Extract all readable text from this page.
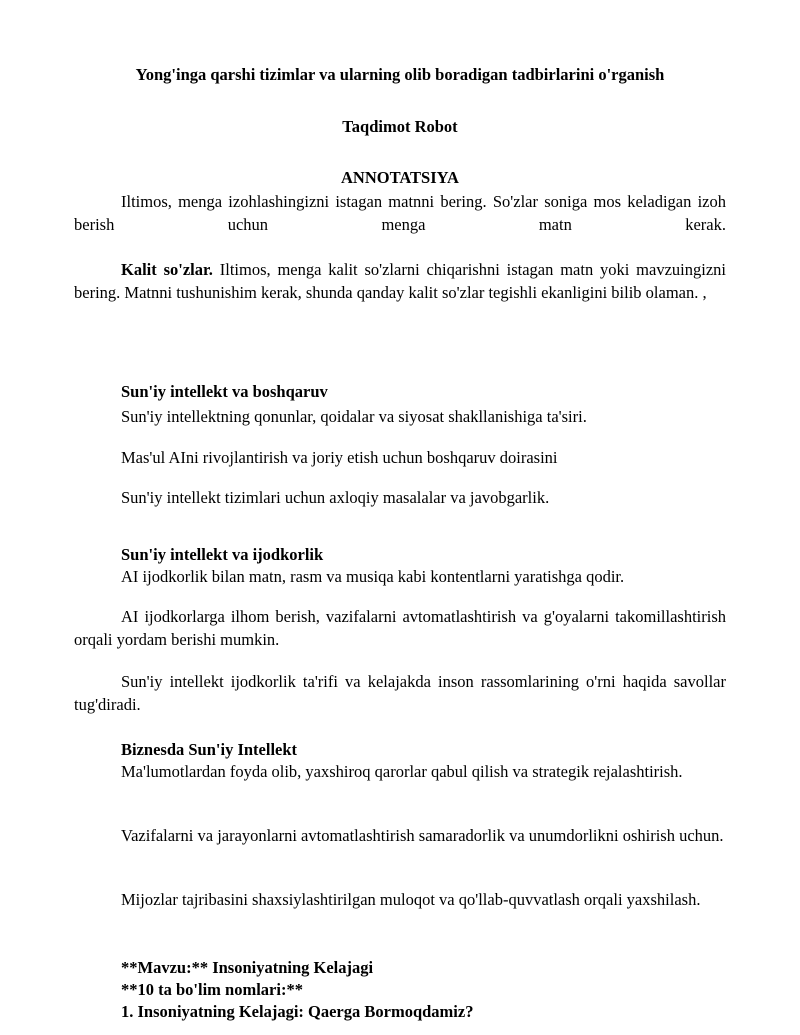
Yong'inga qarshi tizimlar va ularning olib boradigan tadbirlarini o'rganish

Taqdimot Robot

ANNOTATSIYA

Iltimos, menga izohlashingizni istagan matnni bering. So'zlar soniga mos keladigan izoh berish uchun menga matn kerak.

Kalit so'zlar. Iltimos, menga kalit so'zlarni chiqarishni istagan matn yoki mavzuingizni bering. Matnni tushunishim kerak, shunda qanday kalit so'zlar tegishli ekanligini bilib olaman. ,

Sun'iy intellekt va boshqaruv

Sun'iy intellektning qonunlar, qoidalar va siyosat shakllanishiga ta'siri.

Mas'ul AIni rivojlantirish va joriy etish uchun boshqaruv doirasini

Sun'iy intellekt tizimlari uchun axloqiy masalalar va javobgarlik.

Sun'iy intellekt va ijodkorlik

AI ijodkorlik bilan matn, rasm va musiqa kabi kontentlarni yaratishga qodir.

AI ijodkorlarga ilhom berish, vazifalarni avtomatlashtirish va g'oyalarni takomillashtirish orqali yordam berishi mumkin.

Sun'iy intellekt ijodkorlik ta'rifi va kelajakda inson rassomlarining o'rni haqida savollar tug'diradi.

Biznesda Sun'iy Intellekt

Ma'lumotlardan foyda olib, yaxshiroq qarorlar qabul qilish va strategik rejalashtirish.

Vazifalarni va jarayonlarni avtomatlashtirish samaradorlik va unumdorlikni oshirish uchun.

Mijozlar tajribasini shaxsiylashtirilgan muloqot va qo'llab-quvvatlash orqali yaxshilash.

**Mavzu:** Insoniyatning Kelajagi

**10 ta bo'lim nomlari:**

1. Insoniyatning Kelajagi: Qaerga Bormoqdamiz?
